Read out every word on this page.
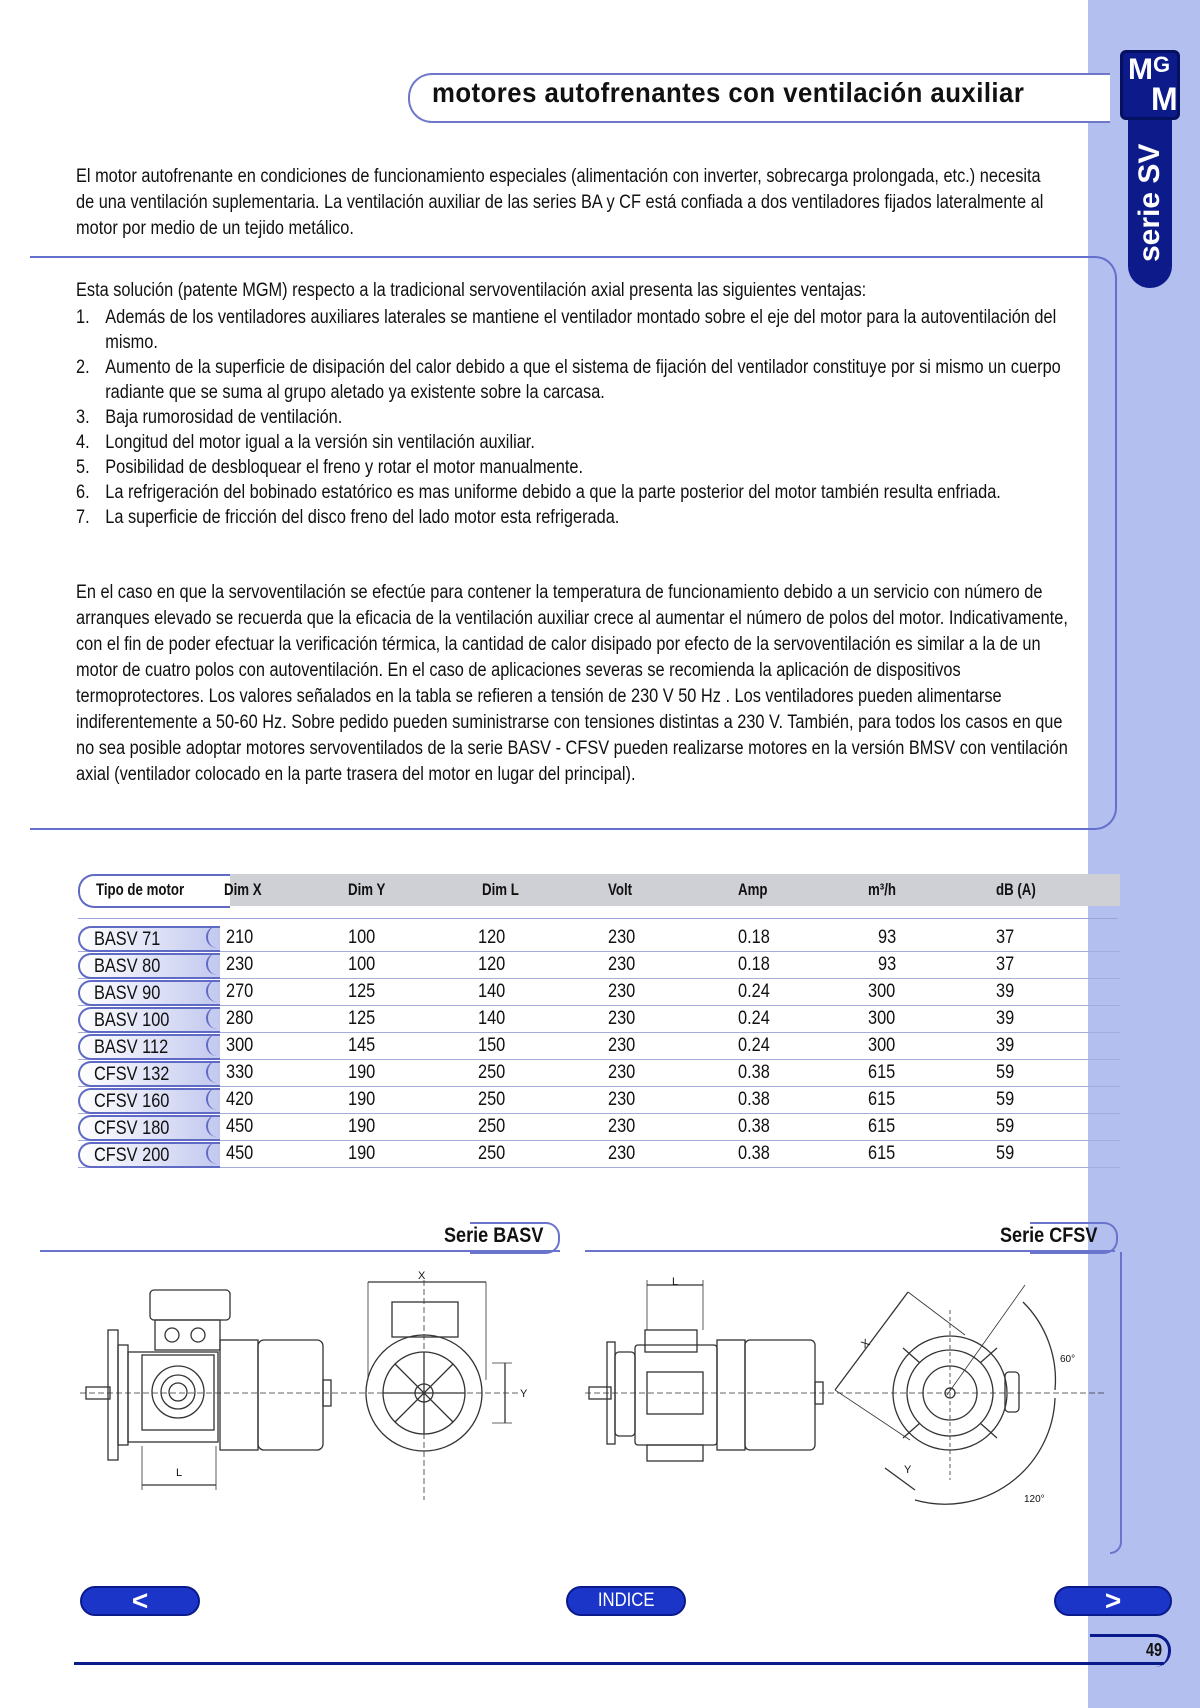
M G
M
serie SV
motores autofrenantes con ventilación auxiliar
El motor autofrenante en condiciones de funcionamiento especiales (alimentación con inverter, sobrecarga prolongada, etc.) necesita de una ventilación suplementaria. La ventilación auxiliar de las series BA y CF está confiada a dos ventiladores fijados lateralmente al motor por medio de un tejido metálico.
Esta solución (patente MGM) respecto a la tradicional servoventilación axial presenta las siguientes ventajas:
1. Además de los ventiladores auxiliares laterales se mantiene el ventilador montado sobre el eje del motor para la autoventilación del mismo.
2. Aumento de la superficie de disipación del calor debido a que el sistema de fijación del ventilador constituye por si mismo un cuerpo radiante que se suma al grupo aletado ya existente sobre la carcasa.
3. Baja rumorosidad de ventilación.
4. Longitud del motor igual a la versión sin ventilación auxiliar.
5. Posibilidad de desbloquear el freno y rotar el motor manualmente.
6. La refrigeración del bobinado estatórico es mas uniforme debido a que la parte posterior del motor también resulta enfriada.
7. La superficie de fricción del disco freno del lado motor esta refrigerada.
En el caso en que la servoventilación se efectúe para contener la temperatura de funcionamiento debido a un servicio con número de arranques elevado se recuerda que la eficacia de la ventilación auxiliar crece al aumentar el número de polos del motor. Indicativamente, con el fin de poder efectuar la verificación térmica, la cantidad de calor disipado por efecto de la servoventilación es similar a la de un motor de cuatro polos con autoventilación. En el caso de aplicaciones severas se recomienda la aplicación de dispositivos termoprotectores. Los valores señalados en la tabla se refieren a tensión de 230 V 50 Hz . Los ventiladores pueden alimentarse indiferentemente a 50-60 Hz. Sobre pedido pueden suministrarse con tensiones distintas a 230 V. También, para todos los casos en que no sea posible adoptar motores servoventilados de la serie BASV - CFSV pueden realizarse motores en la versión BMSV con ventilación axial (ventilador colocado en la parte trasera del motor en lugar del principal).
Tipo de motor Dim X	Dim Y	Dim L	Volt	Amp	m³/h	dB (A)
BASV 71	210	100	120	230	0.18	93	37
BASV 80	230	100	120	230	0.18	93	37
BASV 90	270	125	140	230	0.24	300	39
BASV 100	280	125	140	230	0.24	300	39
BASV 112	300	145	150	230	0.24	300	39
CFSV 132	330	190	250	230	0.38	615	59
CFSV 160	420	190	250	230	0.38	615	59
CFSV 180	450	190	250	230	0.38	615	59
CFSV 200	450	190	250	230	0.38	615	59
Serie BASV	Serie CFSV
X
Y
L
L
X
Y
60°
120°
<	INDICE	>
49
